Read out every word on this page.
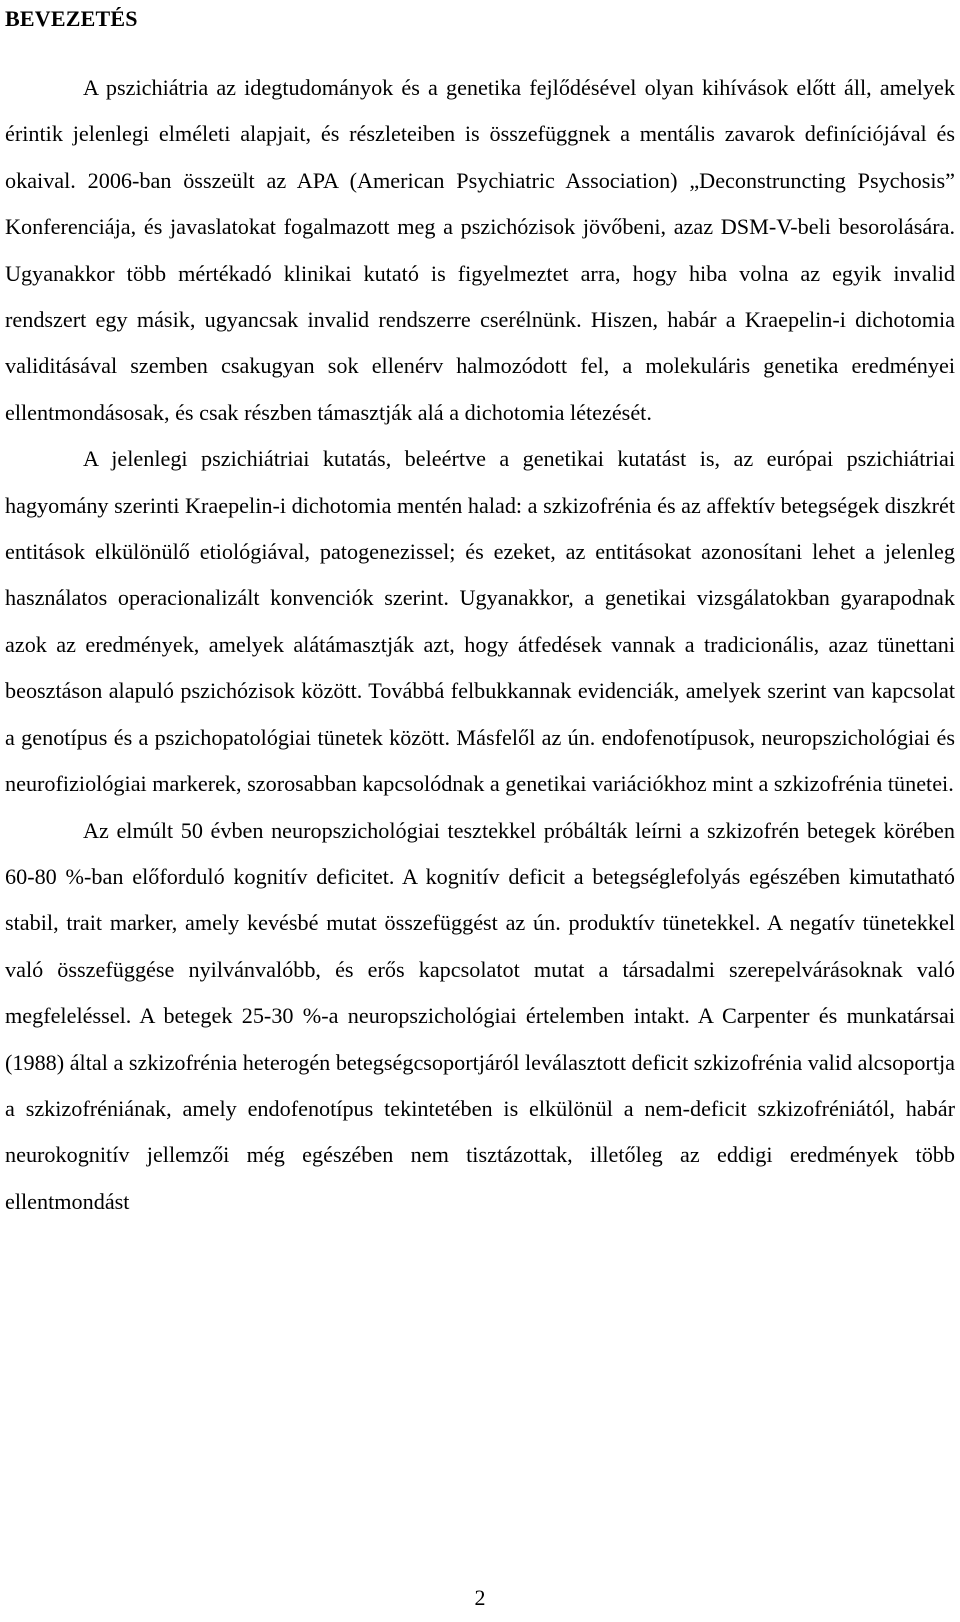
BEVEZETÉS

A pszichiátria az idegtudományok és a genetika fejlődésével olyan kihívások előtt áll, amelyek érintik jelenlegi elméleti alapjait, és részleteiben is összefüggnek a mentális zavarok definíciójával és okaival. 2006-ban összeült az APA (American Psychiatric Association) „Deconstruncting Psychosis” Konferenciája, és javaslatokat fogalmazott meg a pszichózisok jövőbeni, azaz DSM-V-beli besorolására. Ugyanakkor több mértékadó klinikai kutató is figyelmeztet arra, hogy hiba volna az egyik invalid rendszert egy másik, ugyancsak invalid rendszerre cserélnünk. Hiszen, habár a Kraepelin-i dichotomia validitásával szemben csakugyan sok ellenérv halmozódott fel, a molekuláris genetika eredményei ellentmondásosak, és csak részben támasztják alá a dichotomia létezését.

A jelenlegi pszichiátriai kutatás, beleértve a genetikai kutatást is, az európai pszichiátriai hagyomány szerinti Kraepelin-i dichotomia mentén halad: a szkizofrénia és az affektív betegségek diszkrét entitások elkülönülő etiológiával, patogenezissel; és ezeket, az entitásokat azonosítani lehet a jelenleg használatos operacionalizált konvenciók szerint. Ugyanakkor, a genetikai vizsgálatokban gyarapodnak azok az eredmények, amelyek alátámasztják azt, hogy átfedések vannak a tradicionális, azaz tünettani beosztáson alapuló pszichózisok között. Továbbá felbukkannak evidenciák, amelyek szerint van kapcsolat a genotípus és a pszichopatológiai tünetek között. Másfelől az ún. endofenotípusok, neuropszichológiai és neurofiziológiai markerek, szorosabban kapcsolódnak a genetikai variációkhoz mint a szkizofrénia tünetei.

Az elmúlt 50 évben neuropszichológiai tesztekkel próbálták leírni a szkizofrén betegek körében 60-80 %-ban előforduló kognitív deficitet. A kognitív deficit a betegséglefolyás egészében kimutatható stabil, trait marker, amely kevésbé mutat összefüggést az ún. produktív tünetekkel. A negatív tünetekkel való összefüggése nyilvánvalóbb, és erős kapcsolatot mutat a társadalmi szerepelvárásoknak való megfeleléssel. A betegek 25-30 %-a neuropszichológiai értelemben intakt. A Carpenter és munkatársai (1988) által a szkizofrénia heterogén betegségcsoportjáról leválasztott deficit szkizofrénia valid alcsoportja a szkizofréniának, amely endofenotípus tekintetében is elkülönül a nem-deficit szkizofréniától, habár neurokognitív jellemzői még egészében nem tisztázottak, illetőleg az eddigi eredmények több ellentmondást

2
